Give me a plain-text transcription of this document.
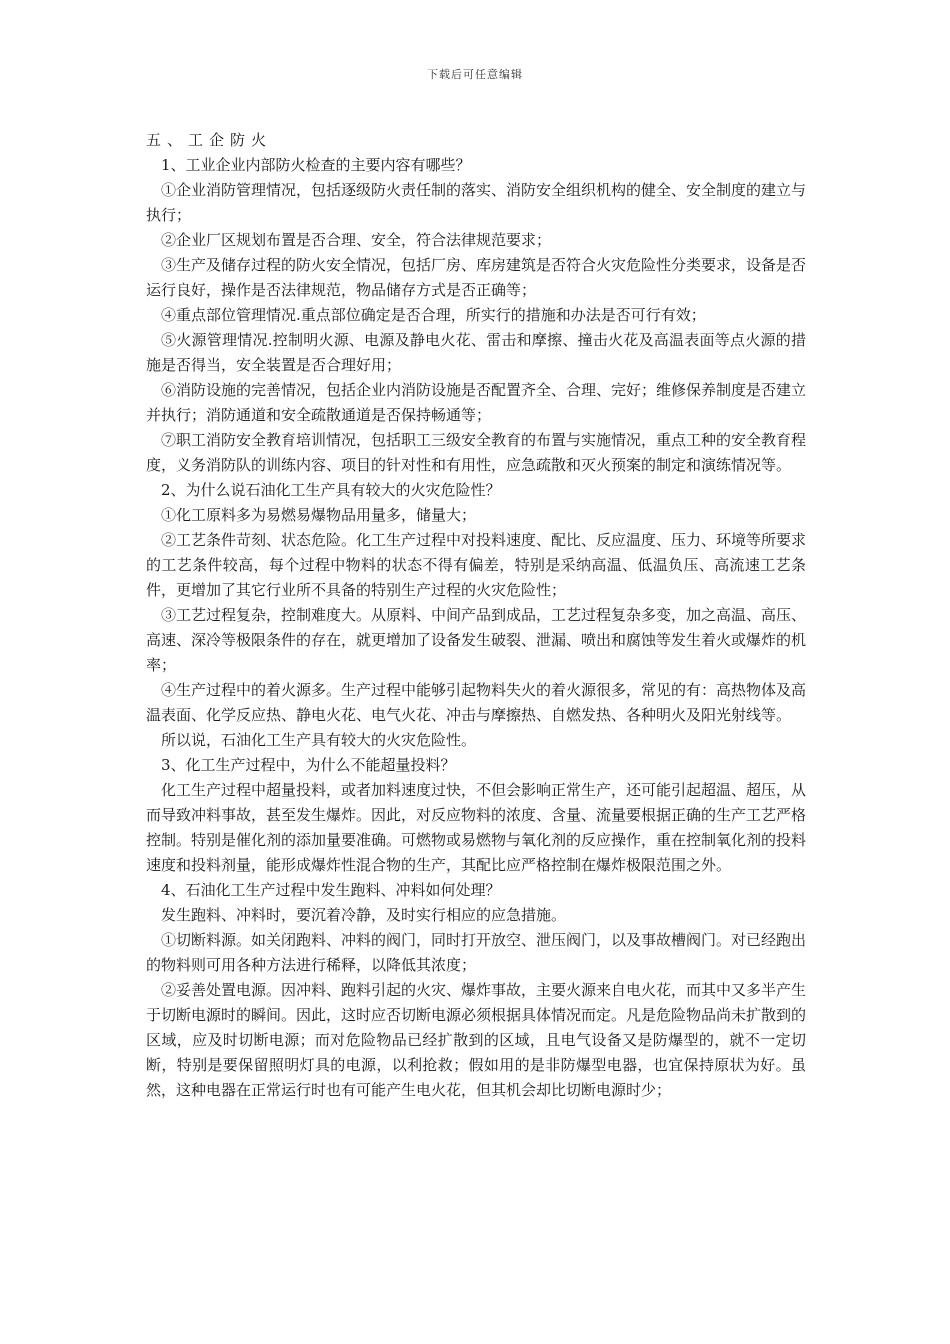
下载后可任意编辑

五、工企防火

1、工业企业内部防火检查的主要内容有哪些？

①企业消防管理情况，包括逐级防火责任制的落实、消防安全组织机构的健全、安全制度的建立与执行；

②企业厂区规划布置是否合理、安全，符合法律规范要求；

③生产及储存过程的防火安全情况，包括厂房、库房建筑是否符合火灾危险性分类要求，设备是否运行良好，操作是否法律规范，物品储存方式是否正确等；

④重点部位管理情况.重点部位确定是否合理，所实行的措施和办法是否可行有效；

⑤火源管理情况.控制明火源、电源及静电火花、雷击和摩擦、撞击火花及高温表面等点火源的措施是否得当，安全装置是否合理好用；

⑥消防设施的完善情况，包括企业内消防设施是否配置齐全、合理、完好；维修保养制度是否建立并执行；消防通道和安全疏散通道是否保持畅通等；

⑦职工消防安全教育培训情况，包括职工三级安全教育的布置与实施情况，重点工种的安全教育程度，义务消防队的训练内容、项目的针对性和有用性，应急疏散和灭火预案的制定和演练情况等。

2、为什么说石油化工生产具有较大的火灾危险性？

①化工原料多为易燃易爆物品用量多，储量大；

②工艺条件苛刻、状态危险。化工生产过程中对投料速度、配比、反应温度、压力、环境等所要求的工艺条件较高，每个过程中物料的状态不得有偏差，特别是采纳高温、低温负压、高流速工艺条件，更增加了其它行业所不具备的特别生产过程的火灾危险性；

③工艺过程复杂，控制难度大。从原料、中间产品到成品，工艺过程复杂多变，加之高温、高压、高速、深冷等极限条件的存在，就更增加了设备发生破裂、泄漏、喷出和腐蚀等发生着火或爆炸的机率；

④生产过程中的着火源多。生产过程中能够引起物料失火的着火源很多，常见的有：高热物体及高温表面、化学反应热、静电火花、电气火花、冲击与摩擦热、自燃发热、各种明火及阳光射线等。

所以说，石油化工生产具有较大的火灾危险性。

3、化工生产过程中，为什么不能超量投料？

化工生产过程中超量投料，或者加料速度过快，不但会影响正常生产，还可能引起超温、超压，从而导致冲料事故，甚至发生爆炸。因此，对反应物料的浓度、含量、流量要根据正确的生产工艺严格控制。特别是催化剂的添加量要准确。可燃物或易燃物与氧化剂的反应操作，重在控制氧化剂的投料速度和投料剂量，能形成爆炸性混合物的生产，其配比应严格控制在爆炸极限范围之外。

4、石油化工生产过程中发生跑料、冲料如何处理？

发生跑料、冲料时，要沉着冷静，及时实行相应的应急措施。

①切断料源。如关闭跑料、冲料的阀门，同时打开放空、泄压阀门，以及事故槽阀门。对已经跑出的物料则可用各种方法进行稀释，以降低其浓度；

②妥善处置电源。因冲料、跑料引起的火灾、爆炸事故，主要火源来自电火花，而其中又多半产生于切断电源时的瞬间。因此，这时应否切断电源必须根据具体情况而定。凡是危险物品尚未扩散到的区域，应及时切断电源；而对危险物品已经扩散到的区域，且电气设备又是防爆型的，就不一定切断，特别是要保留照明灯具的电源，以利抢救；假如用的是非防爆型电器，也宜保持原状为好。虽然，这种电器在正常运行时也有可能产生电火花，但其机会却比切断电源时少；
